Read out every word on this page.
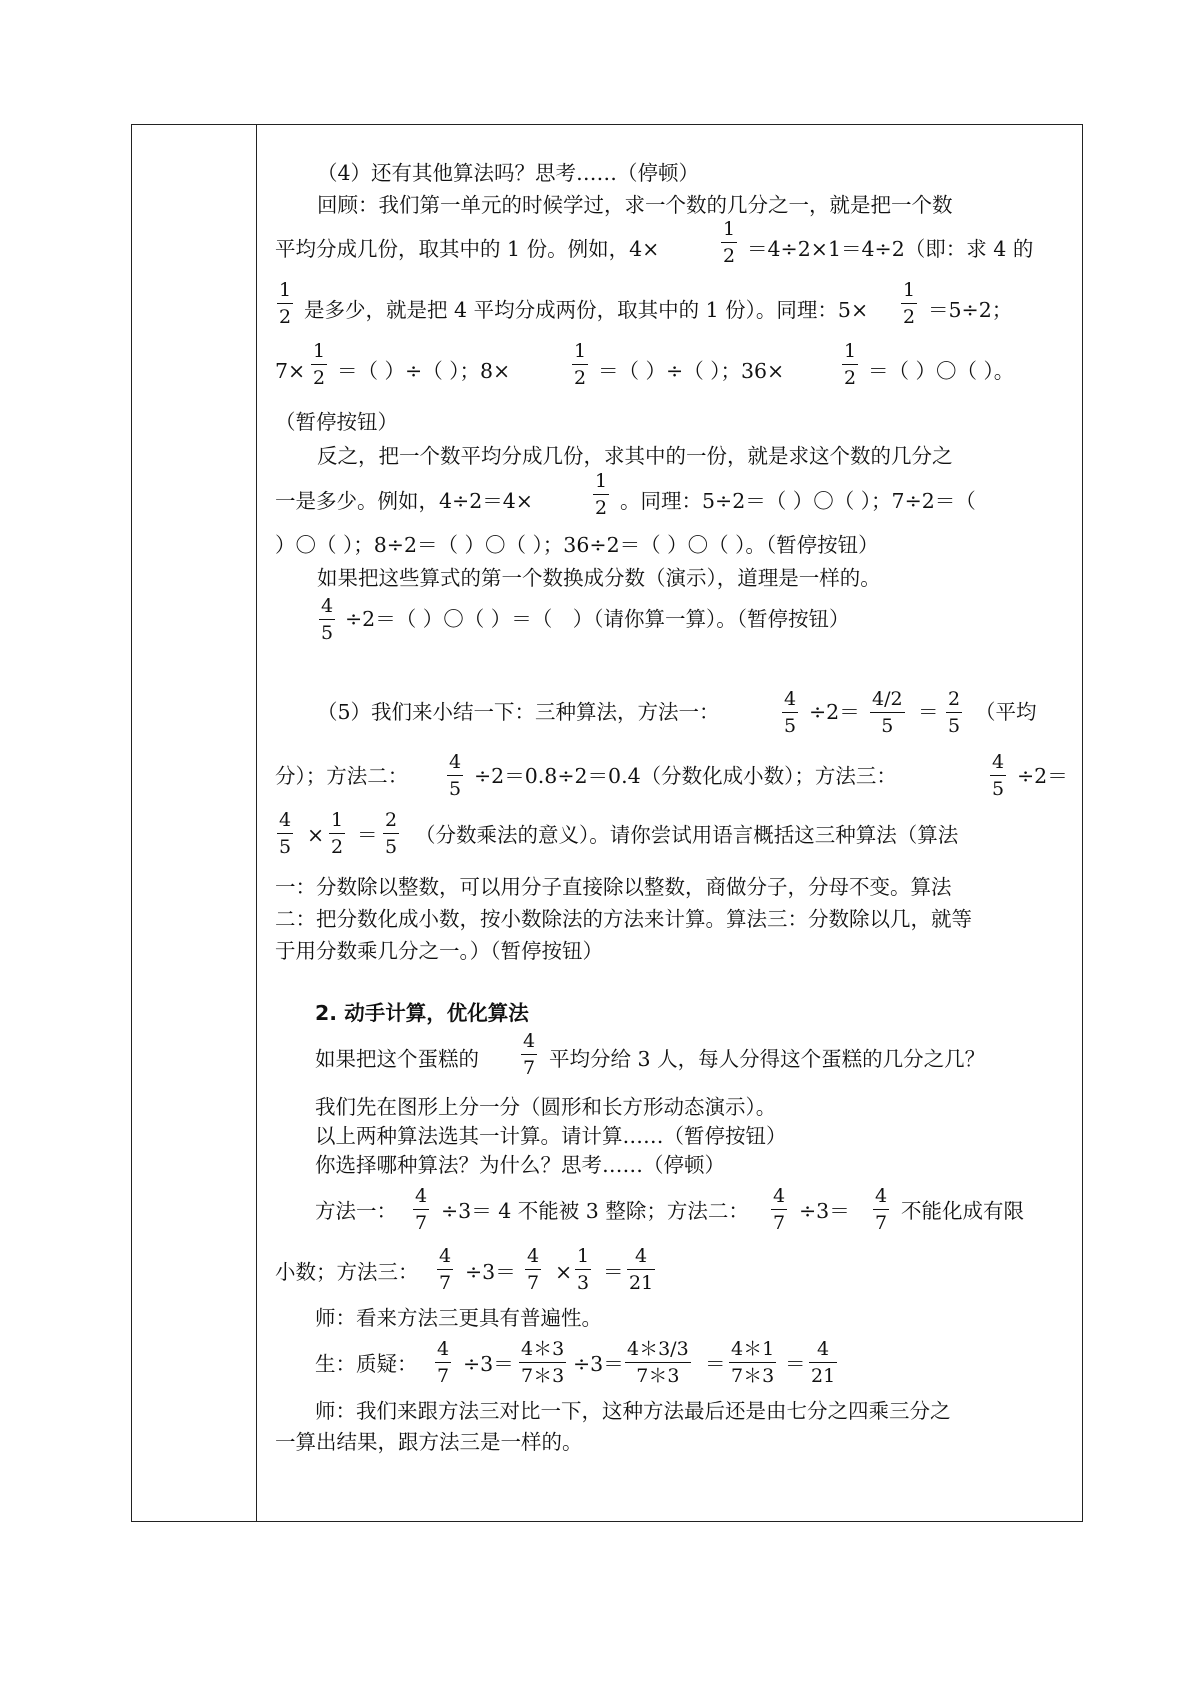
（4）还有其他算法吗？思考……（停顿）
回顾：我们第一单元的时候学过，求一个数的几分之一，就是把一个数
平均分成几份，取其中的 1 份。例如，4×
1
2 ＝4÷2×1＝4÷2（即：求 4 的
1
2 是多少，就是把 4 平均分成两份，取其中的 1 份）。同理：5×
1
2 ＝5÷2；
7×
1
2 ＝（ ）÷（ ）；8×
1
2 ＝（ ）÷（ ）；36×
1
2 ＝（ ）〇（ ）。
（暂停按钮）
反之，把一个数平均分成几份，求其中的一份，就是求这个数的几分之
一是多少。例如，4÷2＝4×
1
2 。同理：5÷2＝（ ）〇（ ）；7÷2＝（
）〇（ ）；8÷2＝（ ）〇（ ）；36÷2＝（ ）〇（ ）。（暂停按钮）
如果把这些算式的第一个数换成分数（演示），道理是一样的。
4
5
÷2＝（ ）〇（ ）＝（　）（请你算一算）。（暂停按钮）
（5）我们来小结一下：三种算法，方法一：
4
5
÷2＝
4/2
5
＝
2
5
（平均
分）；方法二：
4
5
÷2＝0.8÷2＝0.4（分数化成小数）；方法三：
4
5
÷2＝
4
5 ×
1
2 ＝
2
5 （分数乘法的意义）。请你尝试用语言概括这三种算法（算法
一：分数除以整数，可以用分子直接除以整数，商做分子，分母不变。算法
二：把分数化成小数，按小数除法的方法来计算。算法三：分数除以几，就等
于用分数乘几分之一。）（暂停按钮）
2. 动手计算，优化算法
如果把这个蛋糕的
4
7 平均分给 3 人，每人分得这个蛋糕的几分之几？
我们先在图形上分一分（圆形和长方形动态演示）。
以上两种算法选其一计算。请计算……（暂停按钮）
你选择哪种算法？为什么？思考……（停顿）
方法一：
4
7 ÷3＝ 4 不能被 3 整除；方法二：
4
7 ÷3＝
4
7 不能化成有限
小数；方法三：
4
7 ÷3＝
4
7 ×
1
3 ＝
4
21
师：看来方法三更具有普遍性。
生：质疑：
4
7 ÷3＝
4＊3
7＊3 ÷3＝
4＊3/3
7＊3	＝
4＊1
7＊3 ＝
4
21
师：我们来跟方法三对比一下，这种方法最后还是由七分之四乘三分之
一算出结果，跟方法三是一样的。
